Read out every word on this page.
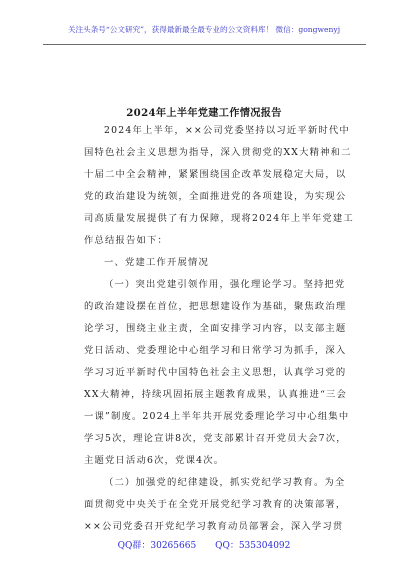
关注头条号“公文研究”，获得最新最全最专业的公文资料库！ 微信：gongwenyj
2024年上半年党建工作情况报告
2024年上半年，××公司党委坚持以习近平新时代中
国特色社会主义思想为指导，深入贯彻党的XX大精神和二
十届二中全会精神，紧紧围绕国企改革发展稳定大局，以
党的政治建设为统领，全面推进党的各项建设，为实现公
司高质量发展提供了有力保障，现将2024年上半年党建工
作总结报告如下：
一、党建工作开展情况
（一）突出党建引领作用，强化理论学习。坚持把党
的政治建设摆在首位，把思想建设作为基础，聚焦政治理
论学习，围绕主业主责，全面安排学习内容，以支部主题
党日活动、党委理论中心组学习和日常学习为抓手，深入
学习习近平新时代中国特色社会主义思想，认真学习党的
XX大精神，持续巩固拓展主题教育成果，认真推进“三会
一课”制度。2024上半年共开展党委理论学习中心组集中
学习5次，理论宣讲8次，党支部累计召开党员大会7次，
主题党日活动6次，党课4次。
（二）加强党的纪律建设，抓实党纪学习教育。为全
面贯彻党中央关于在全党开展党纪学习教育的决策部署，
××公司党委召开党纪学习教育动员部署会，深入学习贯
QQ群：30265665 QQ：535304092
